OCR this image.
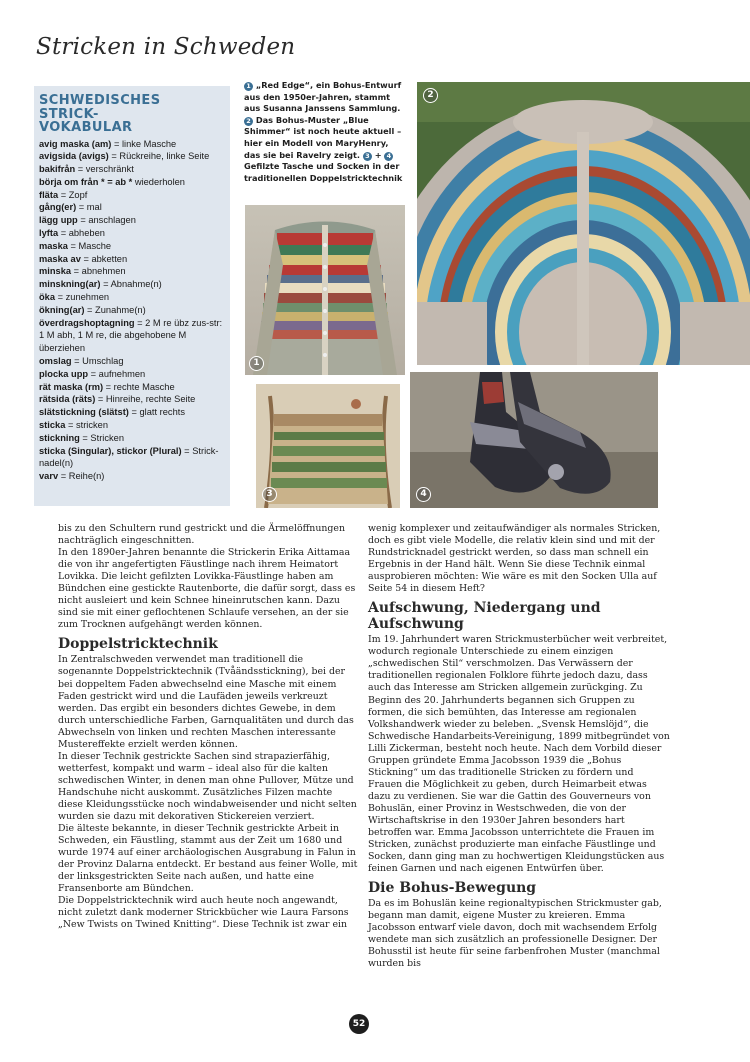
Stricken in Schweden
SCHWEDISCHES STRICK-
VOKABULAR
avig maska (am) = linke Masche
avigsida (avigs) = Rückreihe, linke Seite
bakifrån = verschränkt
börja om från * = ab * wiederholen
fläta = Zopf
gång(er) = mal
lägg upp = anschlagen
lyfta = abheben
maska = Masche
maska av = abketten
minska = abnehmen
minskning(ar) = Abnahme(n)
öka = zunehmen
ökning(ar) = Zunahme(n)
överdragshoptagning = 2 M re übz zus-str: 1 M abh, 1 M re, die abgehobene M überziehen
omslag = Umschlag
plocka upp = aufnehmen
rät maska (rm) = rechte Masche
rätsida (räts) = Hinreihe, rechte Seite
slätstickning (slätst) = glatt rechts
sticka = stricken
stickning = Stricken
sticka (Singular), stickor (Plural) = Strick-nadel(n)
varv = Reihe(n)
1 „Red Edge“, ein Bohus-Entwurf aus den 1950er-Jahren, stammt aus Susanna Janssens Sammlung. 2 Das Bohus-Muster „Blue Shimmer“ ist noch heute aktuell – hier ein Modell von MaryHenry, das sie bei Ravelry zeigt. 3 + 4 Gefilzte Tasche und Socken in der traditionellen Doppelstricktechnik
1
2
3	4

bis zu den Schultern rund gestrickt und die Ärmelöffnungen nachträglich eingeschnitten.

In den 1890er-Jahren benannte die Strickerin Erika Aittamaa die von ihr angefertigten Fäustlinge nach ihrem Heimatort Lovikka. Die leicht gefilzten Lovikka-Fäustlinge haben am Bündchen eine gestickte Rautenborte, die dafür sorgt, dass es nicht ausleiert und kein Schnee hineinrutschen kann. Dazu sind sie mit einer geflochtenen Schlaufe versehen, an der sie zum Trocknen aufgehängt werden können.

Doppelstricktechnik

In Zentralschweden verwendet man traditionell die sogenannte Doppelstricktechnik (Tvåändsstickning), bei der bei doppeltem Faden abwechselnd eine Masche mit einem Faden gestrickt wird und die Laufäden jeweils verkreuzt werden. Das ergibt ein besonders dichtes Gewebe, in dem durch unterschiedliche Farben, Garnqualitäten und durch das Abwechseln von linken und rechten Maschen interessante Mustereffekte erzielt werden können.

In dieser Technik gestrickte Sachen sind strapazierfähig, wetterfest, kompakt und warm – ideal also für die kalten schwedischen Winter, in denen man ohne Pullover, Mütze und Handschuhe nicht auskommt. Zusätzliches Filzen machte diese Kleidungsstücke noch windabweisender und nicht selten wurden sie dazu mit dekorativen Stickereien verziert.

Die älteste bekannte, in dieser Technik gestrickte Arbeit in Schweden, ein Fäustling, stammt aus der Zeit um 1680 und wurde 1974 auf einer archäologischen Ausgrabung in Falun in der Provinz Dalarna entdeckt. Er bestand aus feiner Wolle, mit der linksgestrickten Seite nach außen, und hatte eine Fransenborte am Bündchen.

Die Doppelstricktechnik wird auch heute noch angewandt, nicht zuletzt dank moderner Strickbücher wie Laura Farsons „New Twists on Twined Knitting“. Diese Technik ist zwar ein

wenig komplexer und zeitaufwändiger als normales Stricken, doch es gibt viele Modelle, die relativ klein sind und mit der Rundstricknadel gestrickt werden, so dass man schnell ein Ergebnis in der Hand hält. Wenn Sie diese Technik einmal ausprobieren möchten: Wie wäre es mit den Socken Ulla auf Seite 54 in diesem Heft?

Aufschwung, Niedergang und Aufschwung

Im 19. Jahrhundert waren Strickmusterbücher weit verbreitet, wodurch regionale Unterschiede zu einem einzigen „schwedischen Stil“ verschmolzen. Das Verwässern der traditionellen regionalen Folklore führte jedoch dazu, dass auch das Interesse am Stricken allgemein zurückging. Zu Beginn des 20. Jahrhunderts begannen sich Gruppen zu formen, die sich bemühten, das Interesse am regionalen Volkshandwerk wieder zu beleben. „Svensk Hemslöjd“, die Schwedische Handarbeits-Vereinigung, 1899 mitbegründet von Lilli Zickerman, besteht noch heute. Nach dem Vorbild dieser Gruppen gründete Emma Jacobsson 1939 die „Bohus Stickning“ um das traditionelle Stricken zu fördern und Frauen die Möglichkeit zu geben, durch Heimarbeit etwas dazu zu verdienen. Sie war die Gattin des Gouverneurs von Bohuslän, einer Provinz in Westschweden, die von der Wirtschaftskrise in den 1930er Jahren besonders hart betroffen war. Emma Jacobsson unterrichtete die Frauen im Stricken, zunächst produzierte man einfache Fäustlinge und Socken, dann ging man zu hochwertigen Kleidungstücken aus feinen Garnen und nach eigenen Entwürfen über.

Die Bohus-Bewegung

Da es im Bohuslän keine regionaltypischen Strickmuster gab, begann man damit, eigene Muster zu kreieren. Emma Jacobsson entwarf viele davon, doch mit wachsendem Erfolg wendete man sich zusätzlich an professionelle Designer. Der Bohusstil ist heute für seine farbenfrohen Muster (manchmal wurden bis

52
